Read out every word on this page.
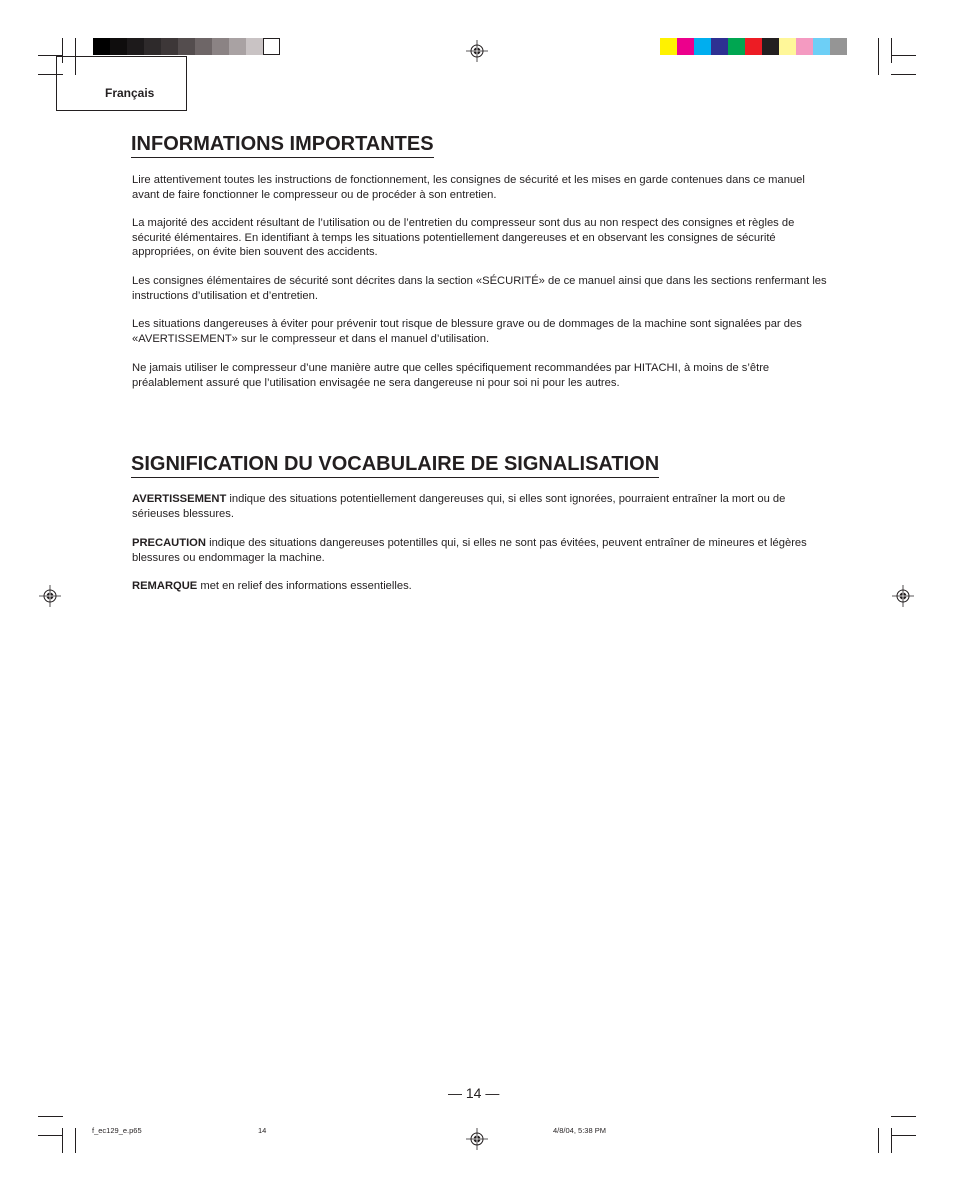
Français
INFORMATIONS IMPORTANTES

Lire attentivement toutes les instructions de fonctionnement, les consignes de sécurité et les mises en garde contenues dans ce manuel avant de faire fonctionner le compresseur ou de procéder à son entretien.

La majorité des accident résultant de l’utilisation ou de l’entretien du compresseur sont dus au non respect des consignes et règles de sécurité élémentaires. En identifiant à temps les situations potentiellement dangereuses et en observant les consignes de sécurité appropriées, on évite bien souvent des accidents.

Les consignes élémentaires de sécurité sont décrites dans la section «SÉCURITÉ» de ce manuel ainsi que dans les sections renfermant les instructions d’utilisation et d’entretien.

Les situations dangereuses à éviter pour prévenir tout risque de blessure grave ou de dommages de la machine sont signalées par des «AVERTISSEMENT» sur le compresseur et dans el manuel d’utilisation.

Ne jamais utiliser le compresseur d’une manière autre que celles spécifiquement recommandées par HITACHI, à moins de s’être préalablement assuré que l’utilisation envisagée ne sera dangereuse ni pour soi ni pour les autres.

SIGNIFICATION DU VOCABULAIRE DE SIGNALISATION

AVERTISSEMENT indique des situations potentiellement dangereuses qui, si elles sont ignorées, pourraient entraîner la mort ou de sérieuses blessures.

PRECAUTION indique des situations dangereuses potentilles qui, si elles ne sont pas évitées, peuvent entraîner de mineures et légères blessures ou endommager la machine.

REMARQUE met en relief des informations essentielles.

— 14 —
f_ec129_e.p65	14	4/8/04, 5:38 PM
